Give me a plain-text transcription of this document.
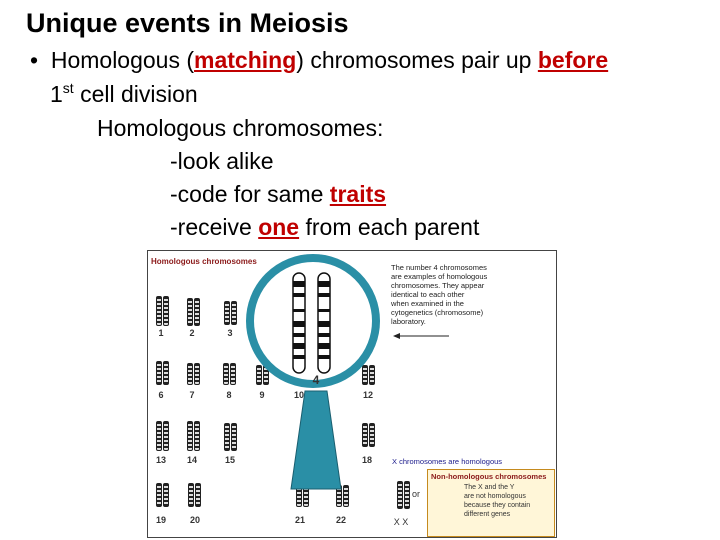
Unique events in Meiosis
• Homologous (matching) chromosomes pair up before
1st cell division
Homologous chromosomes:
-look alike
-code for same traits
-receive one from each parent
Homologous chromosomes
1	2	3
6	7	8	9	10	12
13	14	15	18
19	20	21	22
4
The number 4 chromosomes
are examples of homologous
chromosomes. They appear
identical to each other
when examined in the
cytogenetics (chromosome)
laboratory.
X chromosomes are homologous
or
X X
Non-homologous chromosomes
The X and the Y
are not homologous
because they contain
different genes
